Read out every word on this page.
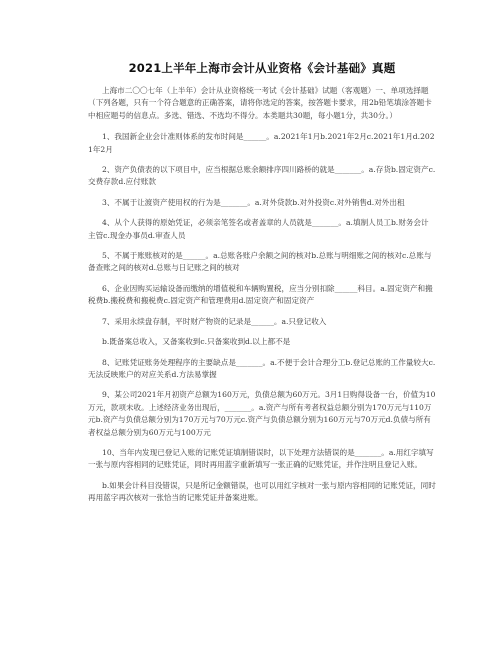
2021上半年上海市会计从业资格《会计基础》真题

上海市二〇〇七年（上半年）会计从业资格统一考试《会计基础》试题（客观题）一、单项选择题（下列各题，只有一个符合题意的正确答案，请将你选定的答案，按答题卡要求，用2b铅笔填涂答题卡中相应题号的信息点。多选、错选、不选均不得分。本类题共30题，每小题1分，共30分。）

1、我国新企业会计准则体系的发布时间是______。a.2021年1月b.2021年2月c.2021年1月d.2021年2月

2、资产负债表的以下项目中，应当根据总账余额排序四川路桥的就是_______。a.存货b.固定资产c.交费存款d.应付账款

3、不属于让渡资产使用权的行为是_______。a.对外贷款b.对外投资c.对外销售d.对外出租

4、从个人获得的原始凭证，必须亲笔签名或者盖章的人员就是_______。a.填制人员工b.财务会计主管c.现金办事员d.审查人员

5、不属于账账核对的是______。a.总账各账户余额之间的核对b.总账与明细账之间的核对c.总账与备查账之间的核对d.总账与日记账之间的核对

6、企业因购买运输设备而缴纳的增值税和车辆购置税，应当分别扣除______科目。a.固定资产和搬税费b.搬税费和搬税费c.固定资产和管理费用d.固定资产和固定资产

7、采用永续盘存制，平时财产物资的记录是______。a.只登记收入

b.既备案总收入，又备案收到c.只备案收到d.以上都不是

8、记账凭证账务处理程序的主要缺点是_______。a.不便于会计合理分工b.登记总账的工作量较大c.无法反映账户的对应关系d.方法易掌握

9、某公司2021年月初资产总额为160万元，负债总额为60万元。3月1日购得设备一台，价值为10万元，款项未收。上述经济业务出现后，_______。a.资产与所有考者权益总额分别为170万元与110万元b.资产与负债总额分别为170万元与70万元c.资产与负债总额分别为160万元与70万元d.负债与所有者权益总额分别为60万元与100万元

10、当年内发现已登记入账的记账凭证填制错误时，以下处理方法错误的是_______。a.用红字填写一张与原内容相同的记账凭证，同时再用蓝字重新填写一张正确的记账凭证，并作注明且登记入账。

b.如果会计科目没错误，只是所记金额错误，也可以用红字核对一张与原内容相同的记账凭证，同时再用蓝字再次核对一张恰当的记账凭证并备案进账。
